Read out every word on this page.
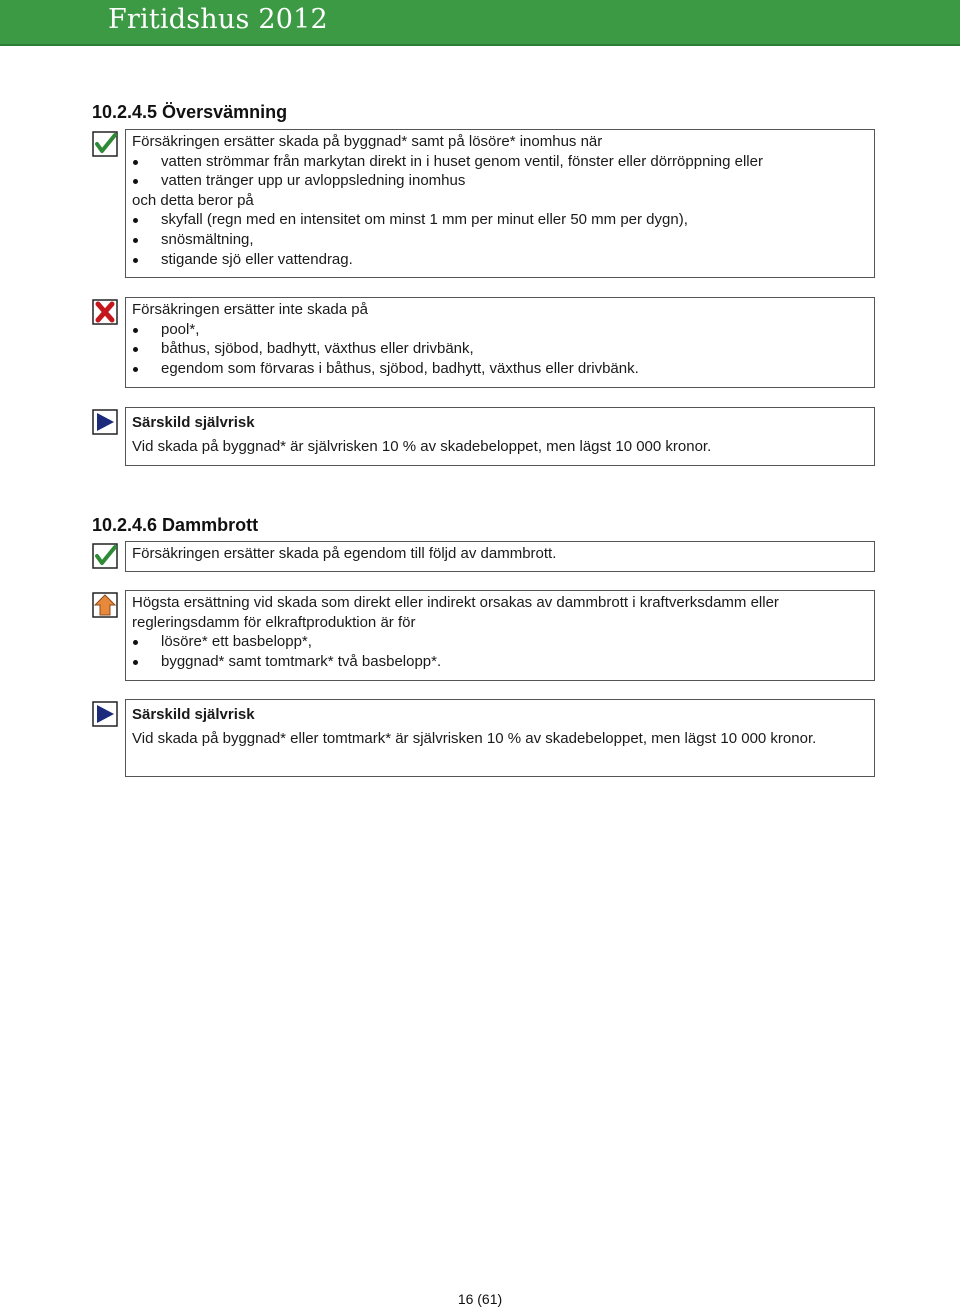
Fritidshus 2012
10.2.4.5 Översvämning

Försäkringen ersätter skada på byggnad* samt på lösöre* inomhus när

vatten strömmar från markytan direkt in i huset genom ventil, fönster eller dörröppning eller
vatten tränger upp ur avloppsledning inomhus

och detta beror på

skyfall (regn med en intensitet om minst 1 mm per minut eller 50 mm per dygn),
snösmältning,
stigande sjö eller vattendrag.

Försäkringen ersätter inte skada på

pool*,
båthus, sjöbod, badhytt, växthus eller drivbänk,
egendom som förvaras i båthus, sjöbod, badhytt, växthus eller drivbänk.

Särskild självrisk

Vid skada på byggnad* är självrisken 10 % av skadebeloppet, men lägst 10 000 kronor.

10.2.4.6 Dammbrott

Försäkringen ersätter skada på egendom till följd av dammbrott.

Högsta ersättning vid skada som direkt eller indirekt orsakas av dammbrott i kraftverksdamm eller regleringsdamm för elkraftproduktion är för

lösöre* ett basbelopp*,
byggnad* samt tomtmark* två basbelopp*.

Särskild självrisk

Vid skada på byggnad* eller tomtmark* är självrisken 10 % av skadebeloppet, men lägst 10 000 kronor.

16 (61)
